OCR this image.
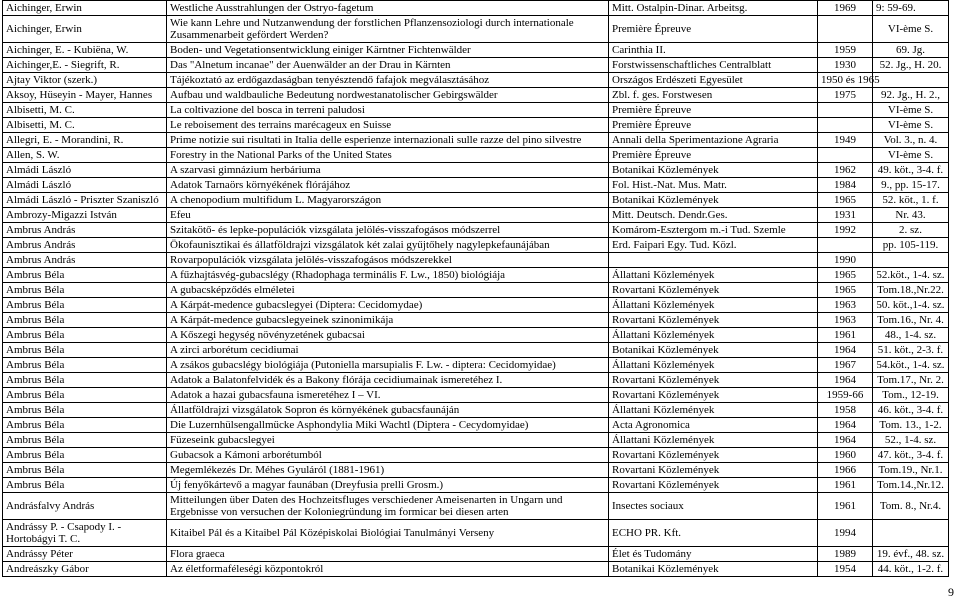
Aichinger, Erwin	Westliche Ausstrahlungen der Ostryo-fagetum	Mitt. Ostalpin-Dinar. Arbeitsg.	1969	9: 59-69.
Aichinger, Erwin	Wie kann Lehre und Nutzanwendung der forstlichen Pflanzensoziologi durch internationale Zusammenarbeit gefördert Werden?	Première Épreuve		VI-ème S.
Aichinger, E. - Kubiëna, W.	Boden- und Vegetationsentwicklung einiger Kärntner Fichtenwälder	Carinthia II.	1959	69. Jg.
Aichinger,E. - Siegrift, R.	Das "Alnetum incanae" der Auenwälder an der Drau in Kärnten	Forstwissenschaftliches Centralblatt	1930	52. Jg., H. 20.
Ajtay Viktor (szerk.)	Tájékoztató az erdőgazdaságban tenyésztendő fafajok megválasztásához	Országos Erdészeti Egyesület	1950 és 1965	
Aksoy, Hüseyin - Mayer, Hannes	Aufbau und waldbauliche Bedeutung nordwestanatolischer Gebirgswälder	Zbl. f. ges. Forstwesen	1975	92. Jg., H. 2.,
Albisetti, M. C.	La coltivazione del bosca in terreni paludosi	Première Épreuve		VI-ème S.
Albisetti, M. C.	Le reboisement des terrains marécageux en Suisse	Première Épreuve		VI-ème S.
Allegri, E. - Morandini, R.	Prime notizie sui risultati in Italia delle esperienze internazionali sulle razze del pino silvestre	Annali della Sperimentazione Agraria	1949	Vol. 3., n. 4.
Allen, S. W.	Forestry in the National Parks of the United States	Première Épreuve		VI-ème S.
Almádi László	A szarvasi gimnázium herbáriuma	Botanikai Közlemények	1962	49. köt., 3-4. f.
Almádi László	Adatok Tarnaörs környékének flórájához	Fol. Hist.-Nat. Mus. Matr.	1984	9., pp. 15-17.
Almádi László - Priszter Szaniszló	A chenopodium multifidum L. Magyarországon	Botanikai Közlemények	1965	52. köt., 1. f.
Ambrozy-Migazzi István	Efeu	Mitt. Deutsch. Dendr.Ges.	1931	Nr. 43.
Ambrus András	Szitakötő- és lepke-populációk vizsgálata jelölés-visszafogásos módszerrel	Komárom-Esztergom m.-i Tud. Szemle	1992	2. sz.
Ambrus András	Ökofaunisztikai és állatföldrajzi vizsgálatok két zalai gyűjtőhely nagylepkefaunájában	Erd. Faipari Egy. Tud. Közl.		pp. 105-119.
Ambrus András	Rovarpopulációk vizsgálata jelölés-visszafogásos módszerekkel		1990	
Ambrus Béla	A fűzhajtásvég-gubacslégy (Rhadophaga terminális F. Lw., 1850) biológiája	Állattani Közlemények	1965	52.köt., 1-4. sz.
Ambrus Béla	A gubacsképződés elméletei	Rovartani Közlemények	1965	Tom.18.,Nr.22.
Ambrus Béla	A Kárpát-medence gubacslegyei (Diptera: Cecidomydae)	Állattani Közlemények	1963	50. köt.,1-4. sz.
Ambrus Béla	A Kárpát-medence gubacslegyeinek szinonimikája	Rovartani Közlemények	1963	Tom.16., Nr. 4.
Ambrus Béla	A Kőszegi hegység növényzetének gubacsai	Állattani Közlemények	1961	48., 1-4. sz.
Ambrus Béla	A zirci arborétum cecidiumai	Botanikai Közlemények	1964	51. köt., 2-3. f.
Ambrus Béla	A zsákos gubacslégy biológiája (Putoniella marsupialis F. Lw. - diptera: Cecidomyidae)	Állattani Közlemények	1967	54.köt., 1-4. sz.
Ambrus Béla	Adatok a Balatonfelvidék és a Bakony flórája cecidiumainak ismeretéhez I.	Rovartani Közlemények	1964	Tom.17., Nr. 2.
Ambrus Béla	Adatok a hazai gubacsfauna ismeretéhez I – VI.	Rovartani Közlemények	1959-66	Tom., 12-19.
Ambrus Béla	Állatföldrajzi vizsgálatok Sopron és környékének gubacsfaunáján	Állattani Közlemények	1958	46. köt., 3-4. f.
Ambrus Béla	Die Luzernhülsengallmücke Asphondylia Miki Wachtl (Diptera - Cecydomyidae)	Acta Agronomica	1964	Tom. 13., 1-2.
Ambrus Béla	Füzeseink gubacslegyei	Állattani Közlemények	1964	52., 1-4. sz.
Ambrus Béla	Gubacsok a Kámoni arborétumból	Rovartani Közlemények	1960	47. köt., 3-4. f.
Ambrus Béla	Megemlékezés Dr. Méhes Gyuláról (1881-1961)	Rovartani Közlemények	1966	Tom.19., Nr.1.
Ambrus Béla	Új fenyőkártevő a magyar faunában (Dreyfusia prelli Grosm.)	Rovartani Közlemények	1961	Tom.14.,Nr.12.
Andrásfalvy András	Mitteilungen über Daten des Hochzeitsfluges verschiedener Ameisenarten in Ungarn und Ergebnisse von versuchen der Koloniegründung im formicar bei diesen arten	Insectes sociaux	1961	Tom. 8., Nr.4.
Andrássy P. - Csapody I. - Hortobágyi T. C.	Kitaibel Pál és a Kitaibel Pál Középiskolai Biológiai Tanulmányi Verseny	ECHO PR. Kft.	1994	
Andrássy Péter	Flora graeca	Élet és Tudomány	1989	19. évf., 48. sz.
Andreászky Gábor	Az életformaféleségi központokról	Botanikai Közlemények	1954	44. köt., 1-2. f.
9
